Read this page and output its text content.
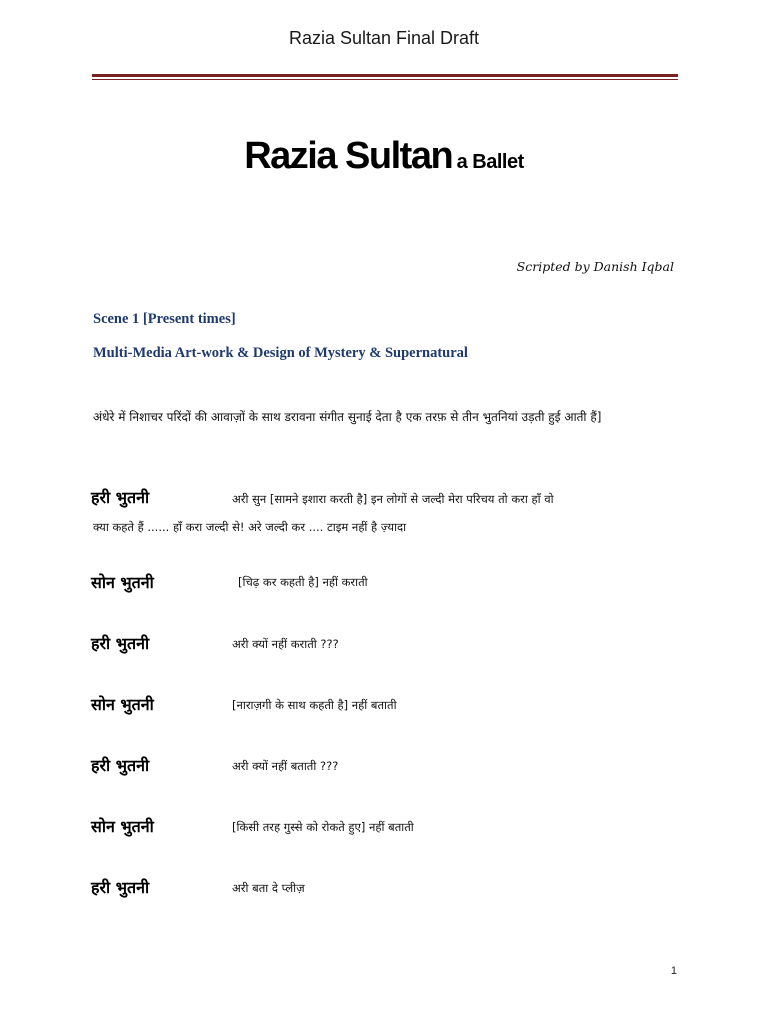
Razia Sultan Final Draft
Razia Sultan a Ballet
Scripted by Danish Iqbal
Scene 1 [Present times]
Multi-Media Art-work & Design of Mystery & Supernatural
अंधेरे में निशाचर परिंदों की आवाज़ों के साथ डरावना संगीत सुनाई देता है एक तरफ़ से तीन भुतनियां उड़ती हुई आती हैं]
हरी भुतनी	अरी सुन [सामने इशारा करती है] इन लोगों से जल्दी मेरा परिचय तो करा हाँ वो
क्या कहते हैं ...... हाँ करा जल्दी से! अरे जल्दी कर .... टाइम नहीं है ज़्यादा
सोन भुतनी	[चिढ़ कर कहती है] नहीं कराती
हरी भुतनी	अरी क्यों नहीं कराती ???
सोन भुतनी	[नाराज़गी के साथ कहती है] नहीं बताती
हरी भुतनी	अरी क्यों नहीं बताती ???
सोन भुतनी	[किसी तरह गुस्से को रोकते हुए] नहीं बताती
हरी भुतनी	अरी बता दे प्लीज़
1
